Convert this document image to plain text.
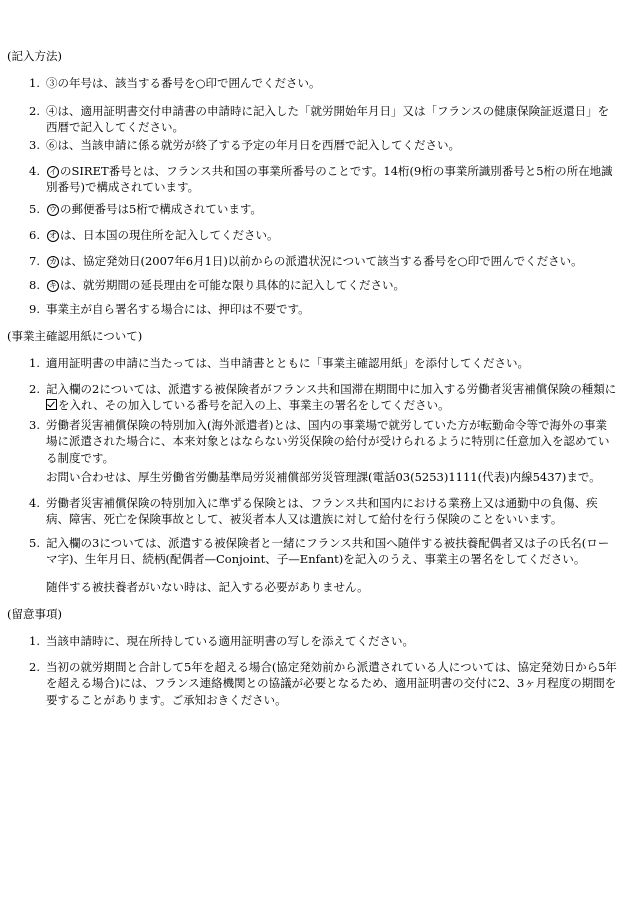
(記入方法)
1. ③の年号は、該当する番号を○印で囲んでください。
2. ④は、適用証明書交付申請書の申請時に記入した「就労開始年月日」又は「フランスの健康保険証返還日」を西暦で記入してください。
3. ⑥は、当該申請に係る就労が終了する予定の年月日を西暦で記入してください。
4.	イ のSIRET番号とは、フランス共和国の事業所番号のことです。14桁(9桁の事業所識別番号と5桁の所在地識別番号)で構成されています。
5.	ウ の郵便番号は5桁で構成されています。
6.	オ は、日本国の現住所を記入してください。
7.	カ は、協定発効日(2007年6月1日)以前からの派遣状況について該当する番号を○印で囲んでください。
8.	キ は、就労期間の延長理由を可能な限り具体的に記入してください。
9. 事業主が自ら署名する場合には、押印は不要です。
(事業主確認用紙について)
1. 適用証明書の申請に当たっては、当申請書とともに「事業主確認用紙」を添付してください。
2. 記入欄の2については、派遣する被保険者がフランス共和国滞在期間中に加入する労働者災害補償保険の種類にを入れ、その加入している番号を記入の上、事業主の署名をしてください。
3. 労働者災害補償保険の特別加入(海外派遣者)とは、国内の事業場で就労していた方が転勤命令等で海外の事業場に派遣された場合に、本来対象とはならない労災保険の給付が受けられるように特別に任意加入を認めている制度です。
お問い合わせは、厚生労働省労働基準局労災補償部労災管理課(電話03(5253)1111(代表)内線5437)まで。
4. 労働者災害補償保険の特別加入に準ずる保険とは、フランス共和国内における業務上又は通勤中の負傷、疾病、障害、死亡を保険事故として、被災者本人又は遺族に対して給付を行う保険のことをいいます。
5. 記入欄の3については、派遣する被保険者と一緒にフランス共和国へ随伴する被扶養配偶者又は子の氏名(ローマ字)、生年月日、続柄(配偶者—Conjoint、子—Enfant)を記入のうえ、事業主の署名をしてください。
随伴する被扶養者がいない時は、記入する必要がありません。
(留意事項)
1. 当該申請時に、現在所持している適用証明書の写しを添えてください。
2. 当初の就労期間と合計して5年を超える場合(協定発効前から派遣されている人については、協定発効日から5年を超える場合)には、フランス連絡機関との協議が必要となるため、適用証明書の交付に2、3ヶ月程度の期間を要することがあります。ご承知おきください。
